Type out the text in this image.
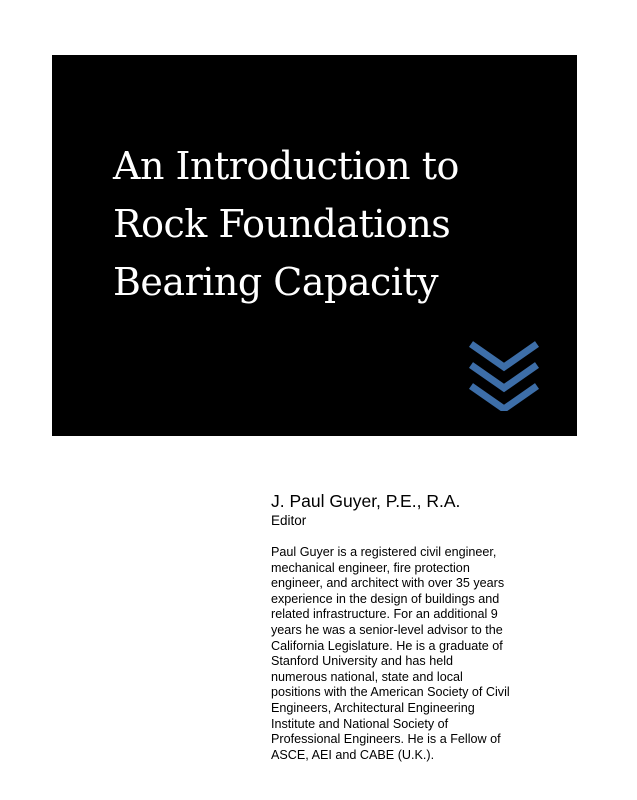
An Introduction to
Rock Foundations
Bearing Capacity
J. Paul Guyer, P.E., R.A.
Editor
Paul Guyer is a registered civil engineer,
mechanical engineer, fire protection
engineer, and architect with over 35 years
experience in the design of buildings and
related infrastructure. For an additional 9
years he was a senior-level advisor to the
California Legislature. He is a graduate of
Stanford University and has held
numerous national, state and local
positions with the American Society of Civil
Engineers, Architectural Engineering
Institute and National Society of
Professional Engineers. He is a Fellow of
ASCE, AEI and CABE (U.K.).
